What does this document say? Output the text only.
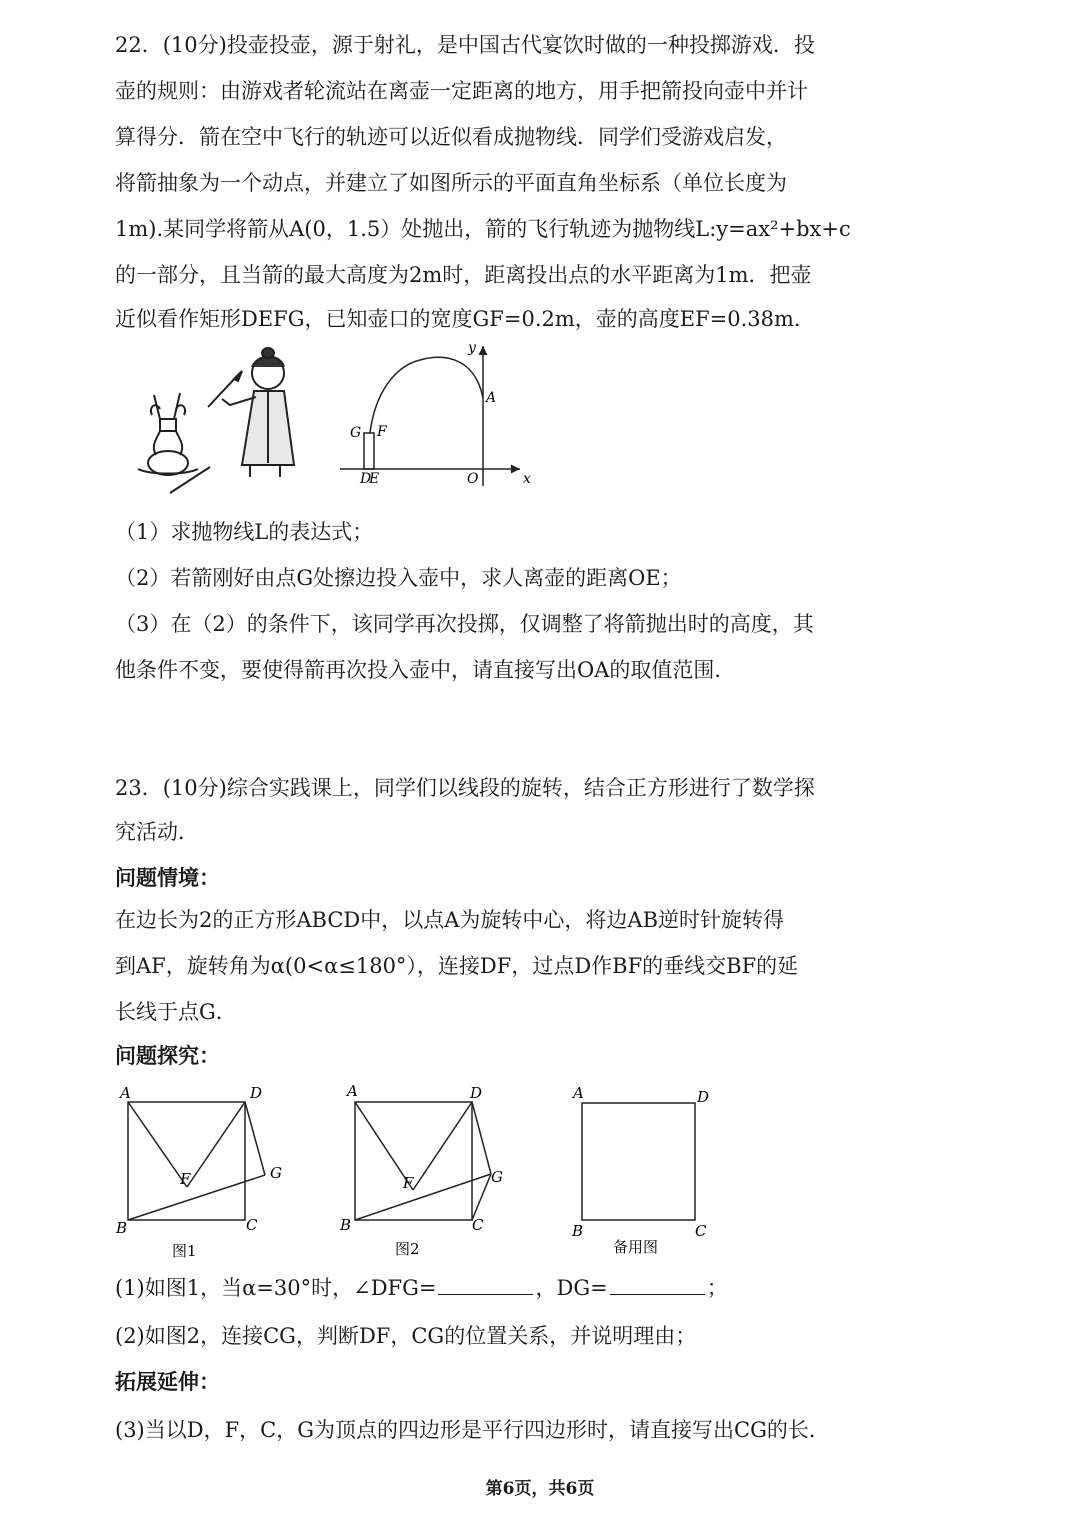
22．(10分)投壶投壶，源于射礼，是中国古代宴饮时做的一种投掷游戏．投
壶的规则：由游戏者轮流站在离壶一定距离的地方，用手把箭投向壶中并计
算得分．箭在空中飞行的轨迹可以近似看成抛物线．同学们受游戏启发，
将箭抽象为一个动点，并建立了如图所示的平面直角坐标系（单位长度为
1m).某同学将箭从A(0，1.5）处抛出，箭的飞行轨迹为抛物线L:y=ax²+bx+c
的一部分，且当箭的最大高度为2m时，距离投出点的水平距离为1m．把壶
近似看作矩形DEFG，已知壶口的宽度GF=0.2m，壶的高度EF=0.38m．
y
x
A
G F
D
E	O
（1）求抛物线L的表达式；
（2）若箭刚好由点G处擦边投入壶中，求人离壶的距离OE；
（3）在（2）的条件下，该同学再次投掷，仅调整了将箭抛出时的高度，其
他条件不变，要使得箭再次投入壶中，请直接写出OA的取值范围．
23．(10分)综合实践课上，同学们以线段的旋转，结合正方形进行了数学探
究活动．
问题情境：
在边长为2的正方形ABCD中，以点A为旋转中心，将边AB逆时针旋转得
到AF，旋转角为α(0<α≤180°），连接DF，过点D作BF的垂线交BF的延
长线于点G．
问题探究：
A	D
F	G
B	C
图1
A	D
F	G
B	C
图2
A	D
B	C
备用图
(1)如图1，当α=30°时，∠DFG=	，DG=	；
(2)如图2，连接CG，判断DF，CG的位置关系，并说明理由；
拓展延伸：
(3)当以D，F，C，G为顶点的四边形是平行四边形时，请直接写出CG的长．
第6页，共6页
